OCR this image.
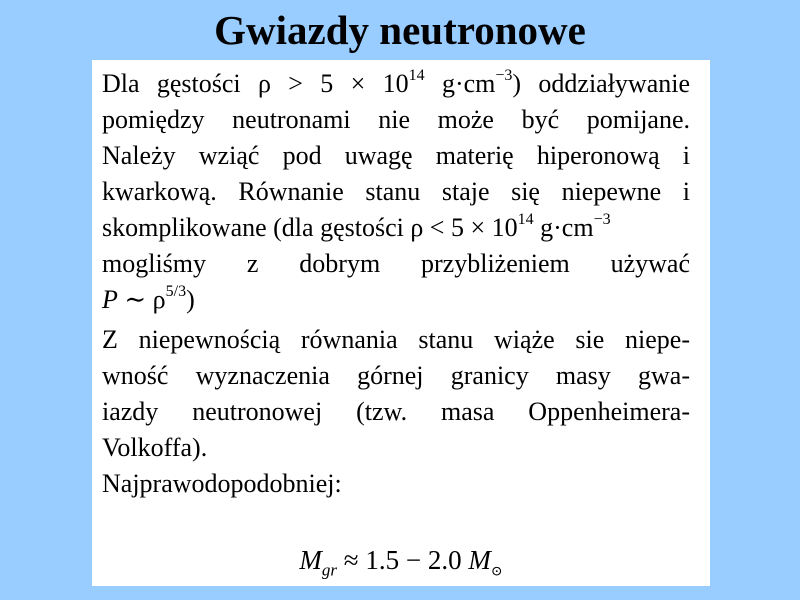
Gwiazdy neutronowe
Dla gęstości $\rho > 5 \times 10^{14}$ $g\cdot cm^{-3}$) oddziaływanie
pomiędzy neutronami nie może być pomijane.
Należy wziąć pod uwagę materię hiperonową i
kwarkową. Równanie stanu staje się niepewne i
skomplikowane (dla gęstości $\rho < 5 \times 10^{14}$ $g\cdot cm^{-3}$
mogliśmy z dobrym przybliżeniem używać
P ∼ $\rho^{5/3}$)
Z niepewnością równania stanu wiąże sie niepe-
wność wyznaczenia górnej granicy masy gwa-
iazdy neutronowej (tzw. masa Oppenheimera-
Volkoffa).
Najprawodopodobniej:
$M_{gr} \approx 1.5 - 2.0$ $M_⊙$
